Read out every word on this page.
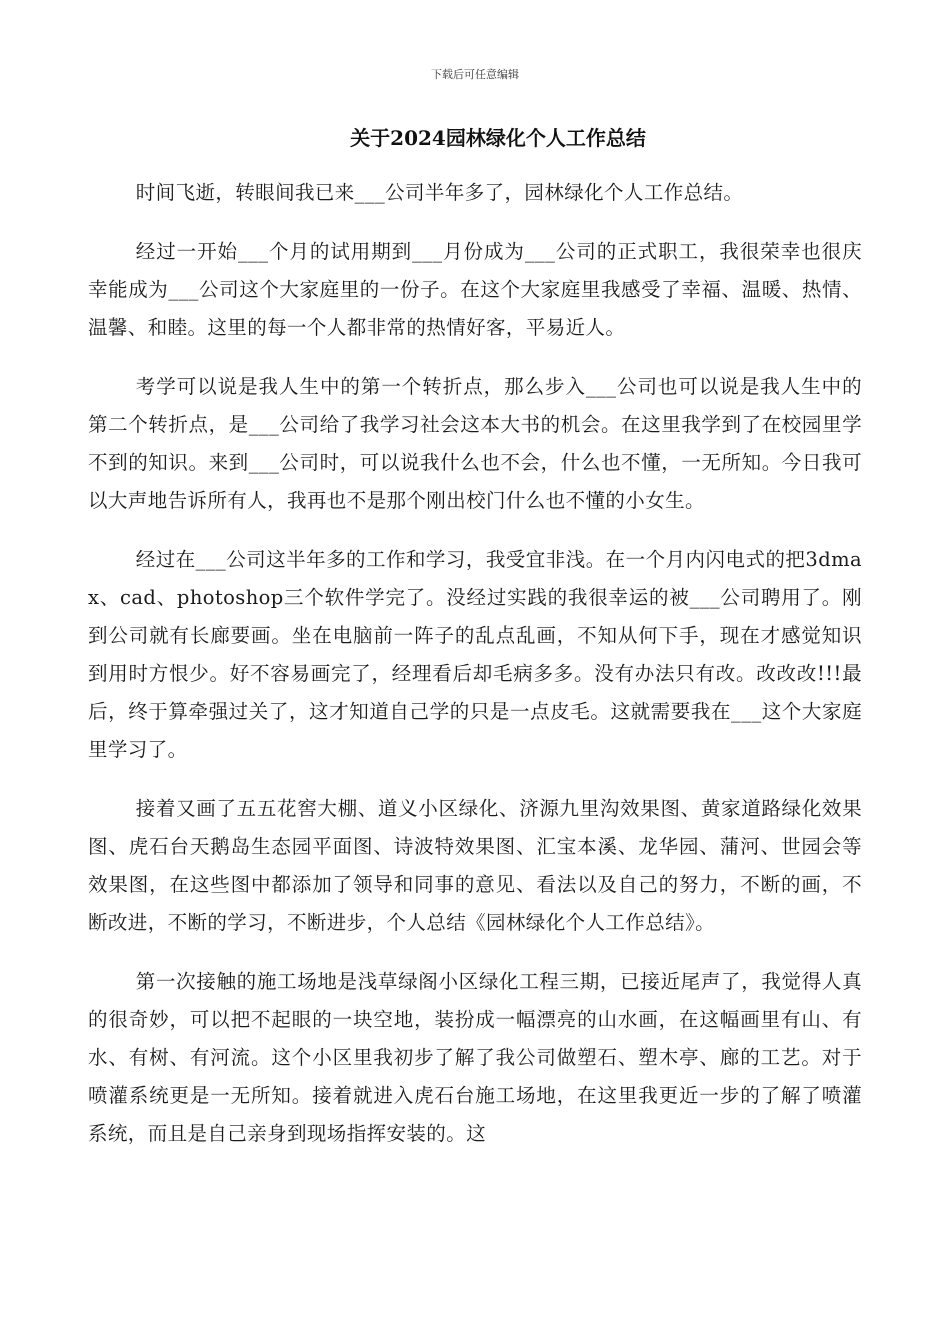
下载后可任意编辑
关于2024园林绿化个人工作总结

时间飞逝，转眼间我已来___公司半年多了，园林绿化个人工作总结。

经过一开始___个月的试用期到___月份成为___公司的正式职工，我很荣幸也很庆幸能成为___公司这个大家庭里的一份子。在这个大家庭里我感受了幸福、温暖、热情、温馨、和睦。这里的每一个人都非常的热情好客，平易近人。

考学可以说是我人生中的第一个转折点，那么步入___公司也可以说是我人生中的第二个转折点，是___公司给了我学习社会这本大书的机会。在这里我学到了在校园里学不到的知识。来到___公司时，可以说我什么也不会，什么也不懂，一无所知。今日我可以大声地告诉所有人，我再也不是那个刚出校门什么也不懂的小女生。

经过在___公司这半年多的工作和学习，我受宜非浅。在一个月内闪电式的把3dmax、cad、photoshop三个软件学完了。没经过实践的我很幸运的被___公司聘用了。刚到公司就有长廊要画。坐在电脑前一阵子的乱点乱画，不知从何下手，现在才感觉知识到用时方恨少。好不容易画完了，经理看后却毛病多多。没有办法只有改。改改改!!!最后，终于算牵强过关了，这才知道自己学的只是一点皮毛。这就需要我在___这个大家庭里学习了。

接着又画了五五花窖大棚、道义小区绿化、济源九里沟效果图、黄家道路绿化效果图、虎石台天鹅岛生态园平面图、诗波特效果图、汇宝本溪、龙华园、蒲河、世园会等效果图，在这些图中都添加了领导和同事的意见、看法以及自己的努力，不断的画，不断改进，不断的学习，不断进步，个人总结《园林绿化个人工作总结》。

第一次接触的施工场地是浅草绿阁小区绿化工程三期，已接近尾声了，我觉得人真的很奇妙，可以把不起眼的一块空地，装扮成一幅漂亮的山水画，在这幅画里有山、有水、有树、有河流。这个小区里我初步了解了我公司做塑石、塑木亭、廊的工艺。对于喷灌系统更是一无所知。接着就进入虎石台施工场地，在这里我更近一步的了解了喷灌系统，而且是自己亲身到现场指挥安装的。这
